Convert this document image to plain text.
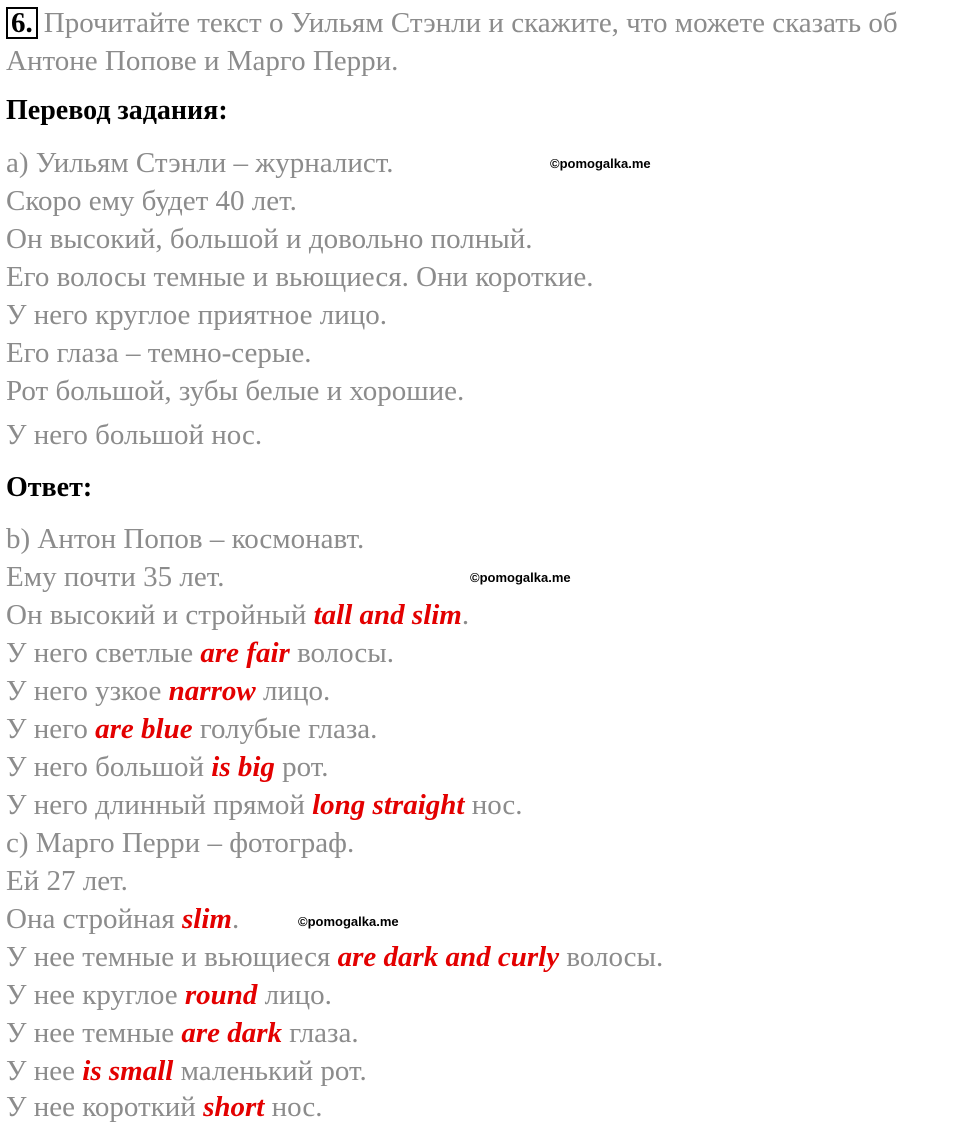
6. Прочитайте текст о Уильям Стэнли и скажите, что можете сказать об

Антоне Попове и Марго Перри.

Перевод задания:

а) Уильям Стэнли – журналист.	©pomogalka.me

Скоро ему будет 40 лет.

Он высокий, большой и довольно полный.

Его волосы темные и вьющиеся. Они короткие.

У него круглое приятное лицо.

Его глаза – темно-серые.

Рот большой, зубы белые и хорошие.

У него большой нос.

Ответ:

b) Антон Попов – космонавт.

Ему почти 35 лет.	©pomogalka.me

Он высокий и стройный tall and slim.

У него светлые are fair волосы.

У него узкое narrow лицо.

У него are blue голубые глаза.

У него большой is big рот.

У него длинный прямой long straight нос.

c) Марго Перри – фотограф.

Ей 27 лет.

Она стройная slim.	©pomogalka.me

У нее темные и вьющиеся are dark and curly волосы.

У нее круглое round лицо.

У нее темные are dark глаза.

У нее is small маленький рот.

У нее короткий short нос.
